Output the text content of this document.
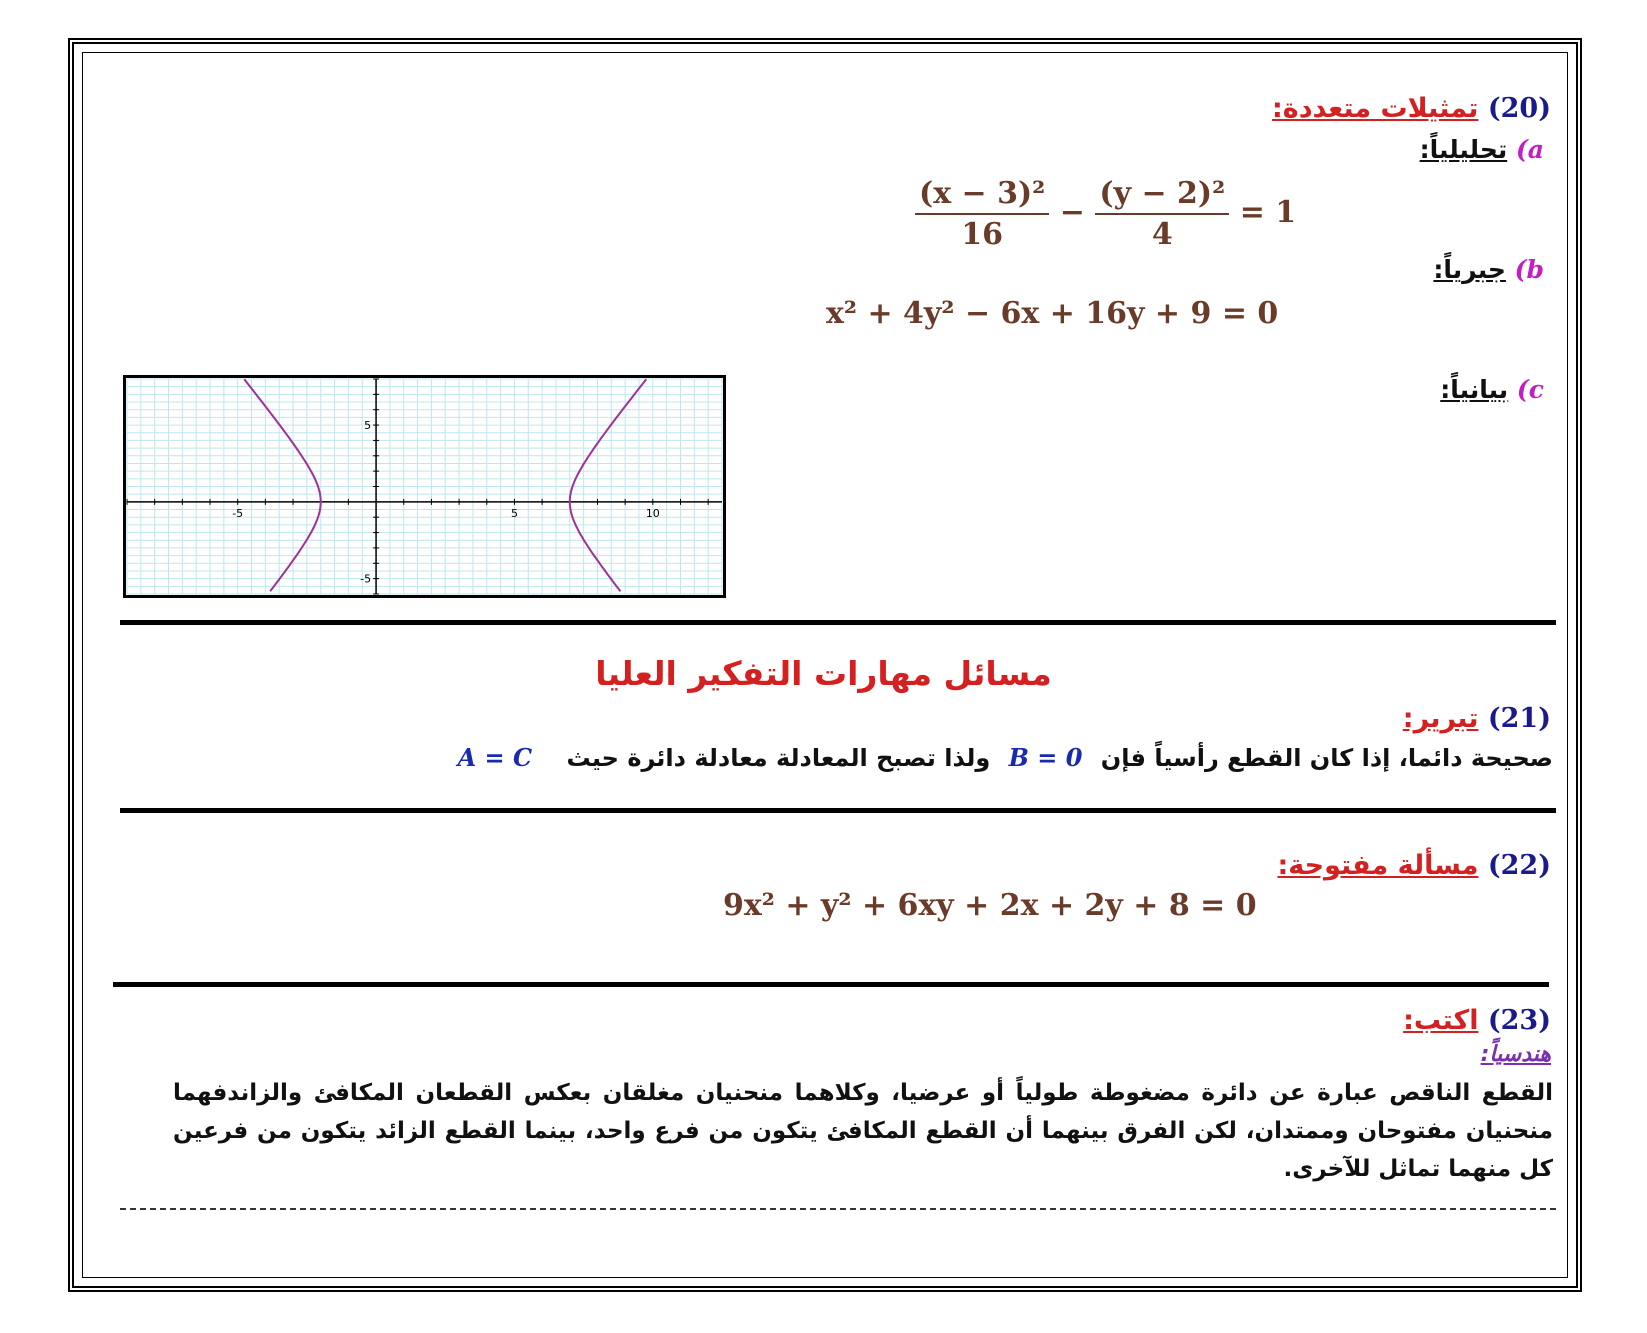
(20) تمثيلات متعددة:
a) تحليلياً:
$\frac{\text{(x − 3)²}}{16} - \frac{\text{(y − 2)²}}{4} = 1$
b) جبرياً:
x² + 4y² − 6x + 16y + 9 = 0
c) بيانياً:
-5	5	10
5
-5
مسائل مهارات التفكير العليا
(21) تبرير:
صحيحة دائما، إذا كان القطع رأسياً فإن B = 0 ولذا تصبح المعادلة معادلة دائرة حيث A = C
(22) مسألة مفتوحة:
9x² + y² + 6xy + 2x + 2y + 8 = 0
(23) اكتب:
هندسياً:
القطع الناقص عبارة عن دائرة مضغوطة طولياً أو عرضيا، وكلاهما منحنيان مغلقان بعكس القطعان المكافئ والزاندفهما منحنيان مفتوحان وممتدان، لكن الفرق بينهما أن القطع المكافئ يتكون من فرع واحد، بينما القطع الزائد يتكون من فرعين كل منهما تماثل للآخرى.
